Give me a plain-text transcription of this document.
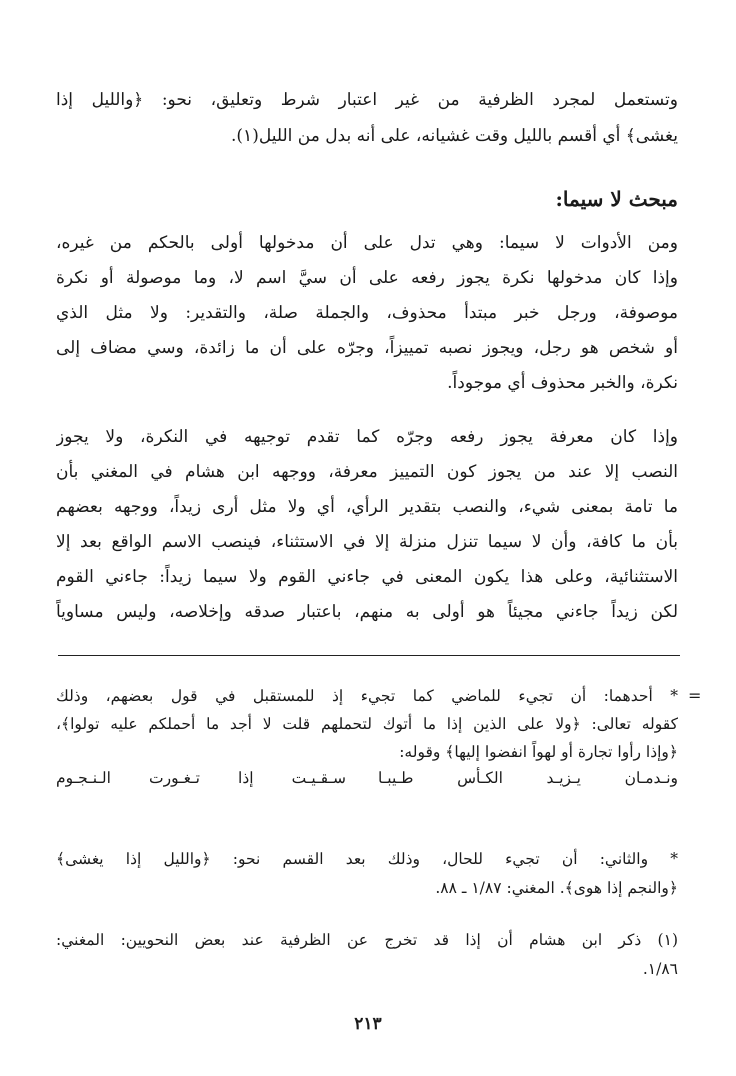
وتستعمل لمجرد الظرفية من غير اعتبار شرط وتعليق، نحو: ﴿والليل إذا
يغشى﴾ أي أقسم بالليل وقت غشيانه، على أنه بدل من الليل(١).
مبحث لا سيما:
ومن الأدوات لا سيما: وهي تدل على أن مدخولها أولى بالحكم من غيره،
وإذا كان مدخولها نكرة يجوز رفعه على أن سيَّ اسم لا، وما موصولة أو نكرة
موصوفة، ورجل خبر مبتدأ محذوف، والجملة صلة، والتقدير: ولا مثل الذي
أو شخص هو رجل، ويجوز نصبه تمييزاً، وجرّه على أن ما زائدة، وسي مضاف إلى
نكرة، والخبر محذوف أي موجوداً.
وإذا كان معرفة يجوز رفعه وجرّه كما تقدم توجيهه في النكرة، ولا يجوز
النصب إلا عند من يجوز كون التمييز معرفة، ووجهه ابن هشام في المغني بأن
ما تامة بمعنى شيء، والنصب بتقدير الرأي، أي ولا مثل أرى زيداً، ووجهه بعضهم
بأن ما كافة، وأن لا سيما تنزل منزلة إلا في الاستثناء، فينصب الاسم الواقع بعد إلا
الاستثنائية، وعلى هذا يكون المعنى في جاءني القوم ولا سيما زيداً: جاءني القوم
لكن زيداً جاءني مجيئاً هو أولى به منهم، باعتبار صدقه وإخلاصه، وليس مساوياً
=
* أحدهما: أن تجيء للماضي كما تجيء إذ للمستقبل في قول بعضهم، وذلك
كقوله تعالى: ﴿ولا على الذين إذا ما أتوك لتحملهم قلت لا أجد ما أحملكم عليه تولوا﴾،
﴿وإذا رأوا تجارة أو لهواً انفضوا إليها﴾ وقوله:
ونـدمـان يـزيـد الكـأس طـيبـا
سـقـيـت إذا تـغـورت الـنـجـوم
* والثاني: أن تجيء للحال، وذلك بعد القسم نحو: ﴿والليل إذا يغشى﴾
﴿والنجم إذا هوى﴾. المغني: ١/٨٧ ـ ٨٨.
(١) ذكر ابن هشام أن إذا قد تخرج عن الظرفية عند بعض النحويين: المغني:
١/٨٦.
٢١٣
